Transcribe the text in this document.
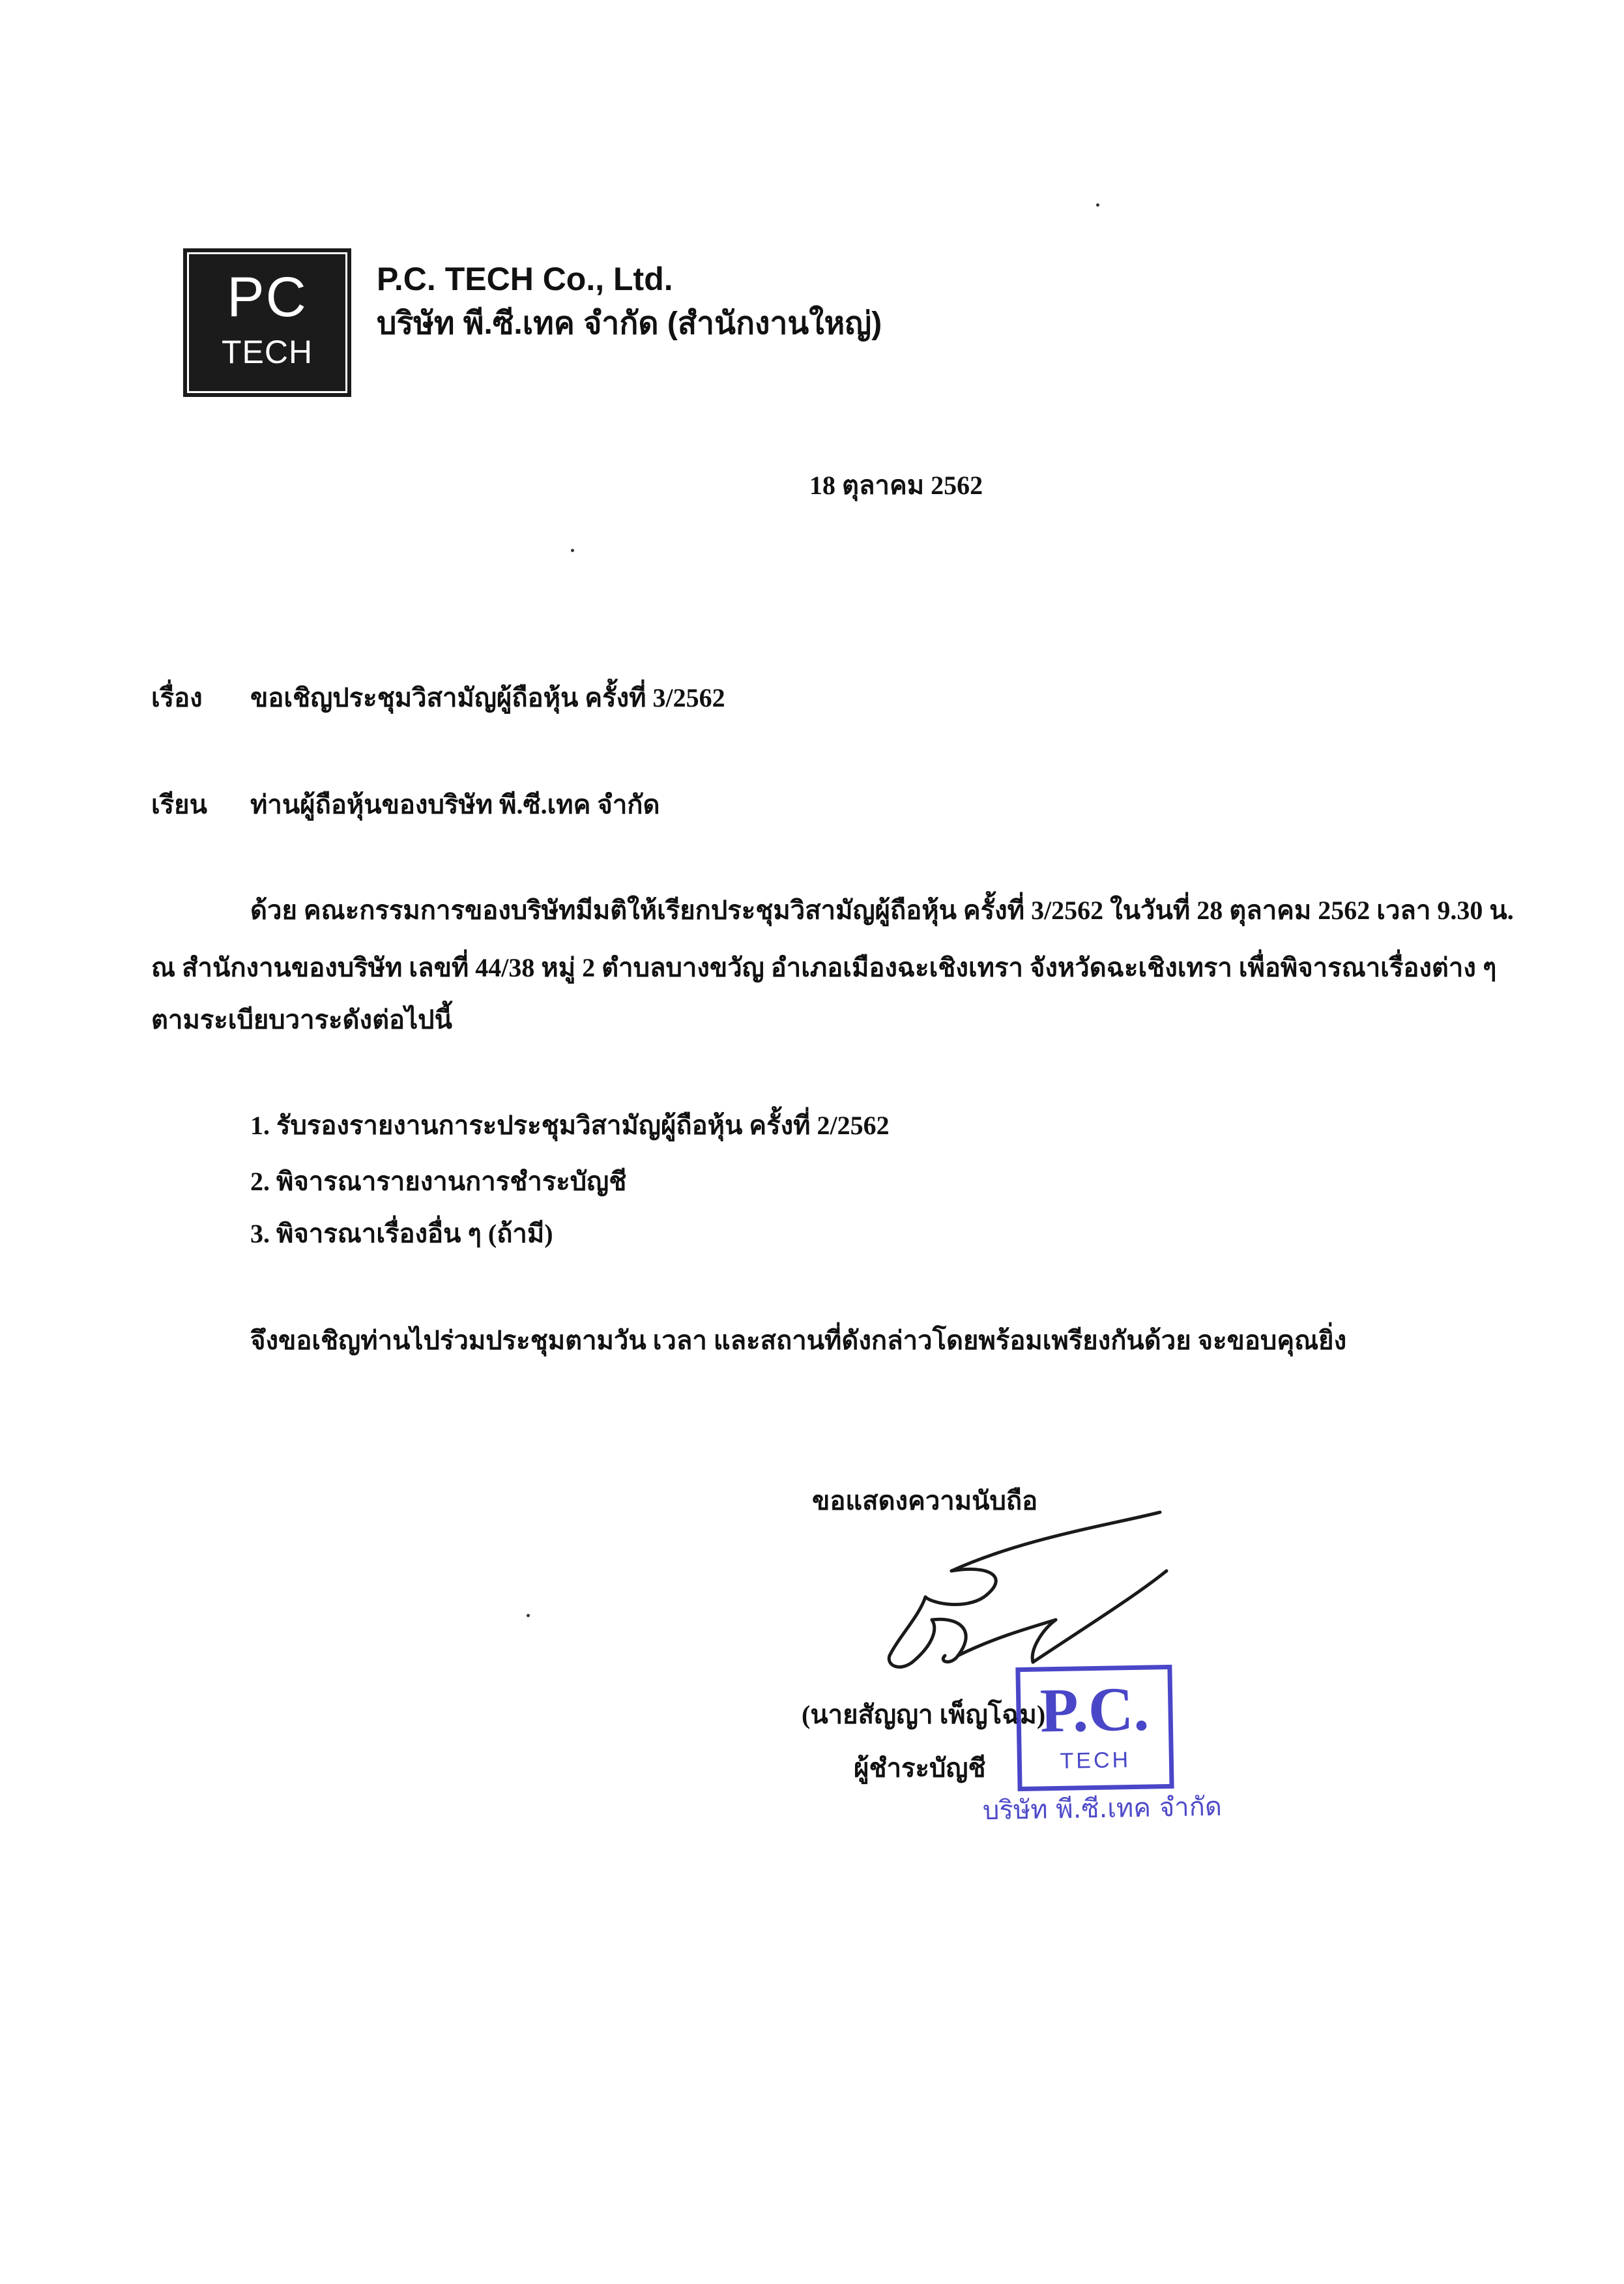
PC
TECH
P.C. TECH Co., Ltd.
บริษัท พี.ซี.เทค จำกัด (สำนักงานใหญ่)
18 ตุลาคม 2562
เรื่อง ขอเชิญประชุมวิสามัญผู้ถือหุ้น ครั้งที่ 3/2562
เรียน ท่านผู้ถือหุ้นของบริษัท พี.ซี.เทค จำกัด
ด้วย คณะกรรมการของบริษัทมีมติให้เรียกประชุมวิสามัญผู้ถือหุ้น ครั้งที่ 3/2562 ในวันที่ 28 ตุลาคม 2562 เวลา 9.30 น.
ณ สำนักงานของบริษัท เลขที่ 44/38 หมู่ 2 ตำบลบางขวัญ อำเภอเมืองฉะเชิงเทรา จังหวัดฉะเชิงเทรา เพื่อพิจารณาเรื่องต่าง ๆ
ตามระเบียบวาระดังต่อไปนี้
1. รับรองรายงานการะประชุมวิสามัญผู้ถือหุ้น ครั้งที่ 2/2562
2. พิจารณารายงานการชำระบัญชี
3. พิจารณาเรื่องอื่น ๆ (ถ้ามี)
จึงขอเชิญท่านไปร่วมประชุมตามวัน เวลา และสถานที่ดังกล่าวโดยพร้อมเพรียงกันด้วย จะขอบคุณยิ่ง
ขอแสดงความนับถือ
(นายสัญญา เพ็ญโฉม)
ผู้ชำระบัญชี
P.C.
TECH
บริษัท พี.ซี.เทค จำกัด
